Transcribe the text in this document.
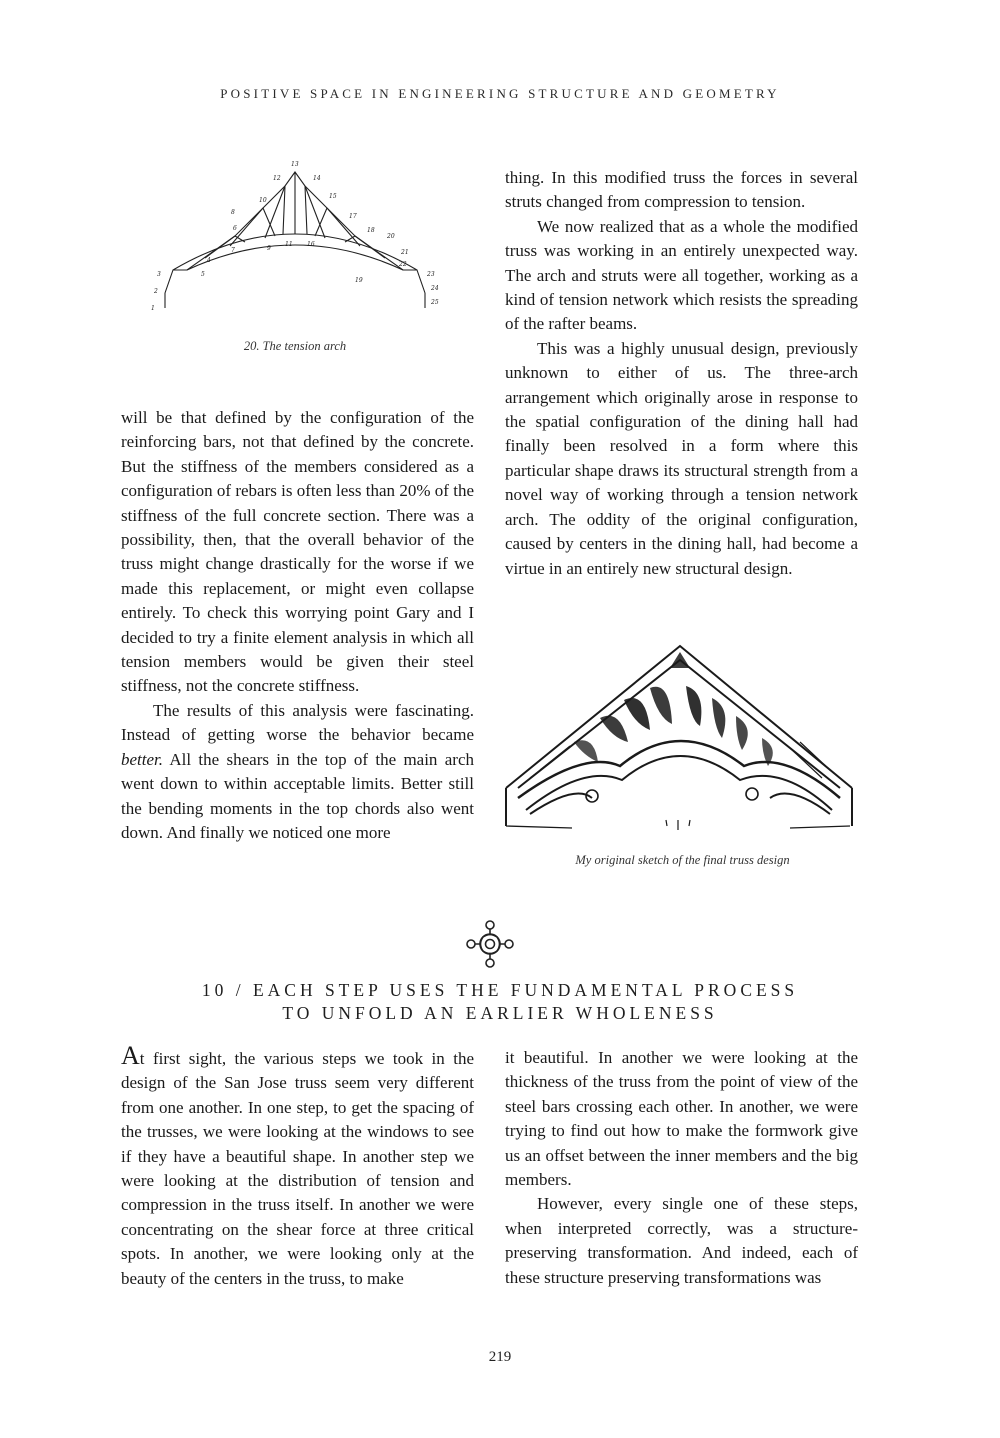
POSITIVE SPACE IN ENGINEERING STRUCTURE AND GEOMETRY
1
2
3
4
5
6
7
8
9
10
11
12
13
14
15
16
17
18
19
20
21
22
23
24
25
20. The tension arch

will be that defined by the configuration of the reinforcing bars, not that defined by the concrete. But the stiffness of the members considered as a configuration of rebars is often less than 20% of the stiffness of the full concrete section. There was a possibility, then, that the overall behavior of the truss might change drastically for the worse if we made this replacement, or might even collapse entirely. To check this worrying point Gary and I decided to try a finite element analysis in which all tension members would be given their steel stiffness, not the concrete stiffness.

The results of this analysis were fascinating. Instead of getting worse the behavior became better. All the shears in the top of the main arch went down to within acceptable limits. Better still the bending moments in the top chords also went down. And finally we noticed one more

thing. In this modified truss the forces in several struts changed from compression to tension.

We now realized that as a whole the modified truss was working in an entirely unexpected way. The arch and struts were all together, working as a kind of tension network which resists the spreading of the rafter beams.

This was a highly unusual design, previously unknown to either of us. The three-arch arrangement which originally arose in response to the spatial configuration of the dining hall had finally been resolved in a form where this particular shape draws its structural strength from a novel way of working through a tension network arch. The oddity of the original configuration, caused by centers in the dining hall, had become a virtue in an entirely new structural design.

My original sketch of the final truss design
10 / EACH STEP USES THE FUNDAMENTAL PROCESS
TO UNFOLD AN EARLIER WHOLENESS

At first sight, the various steps we took in the design of the San Jose truss seem very different from one another. In one step, to get the spacing of the trusses, we were looking at the windows to see if they have a beautiful shape. In another step we were looking at the distribution of tension and compression in the truss itself. In another we were concentrating on the shear force at three critical spots. In another, we were looking only at the beauty of the centers in the truss, to make

it beautiful. In another we were looking at the thickness of the truss from the point of view of the steel bars crossing each other. In another, we were trying to find out how to make the formwork give us an offset between the inner members and the big members.

However, every single one of these steps, when interpreted correctly, was a structure-preserving transformation. And indeed, each of these structure preserving transformations was

219
